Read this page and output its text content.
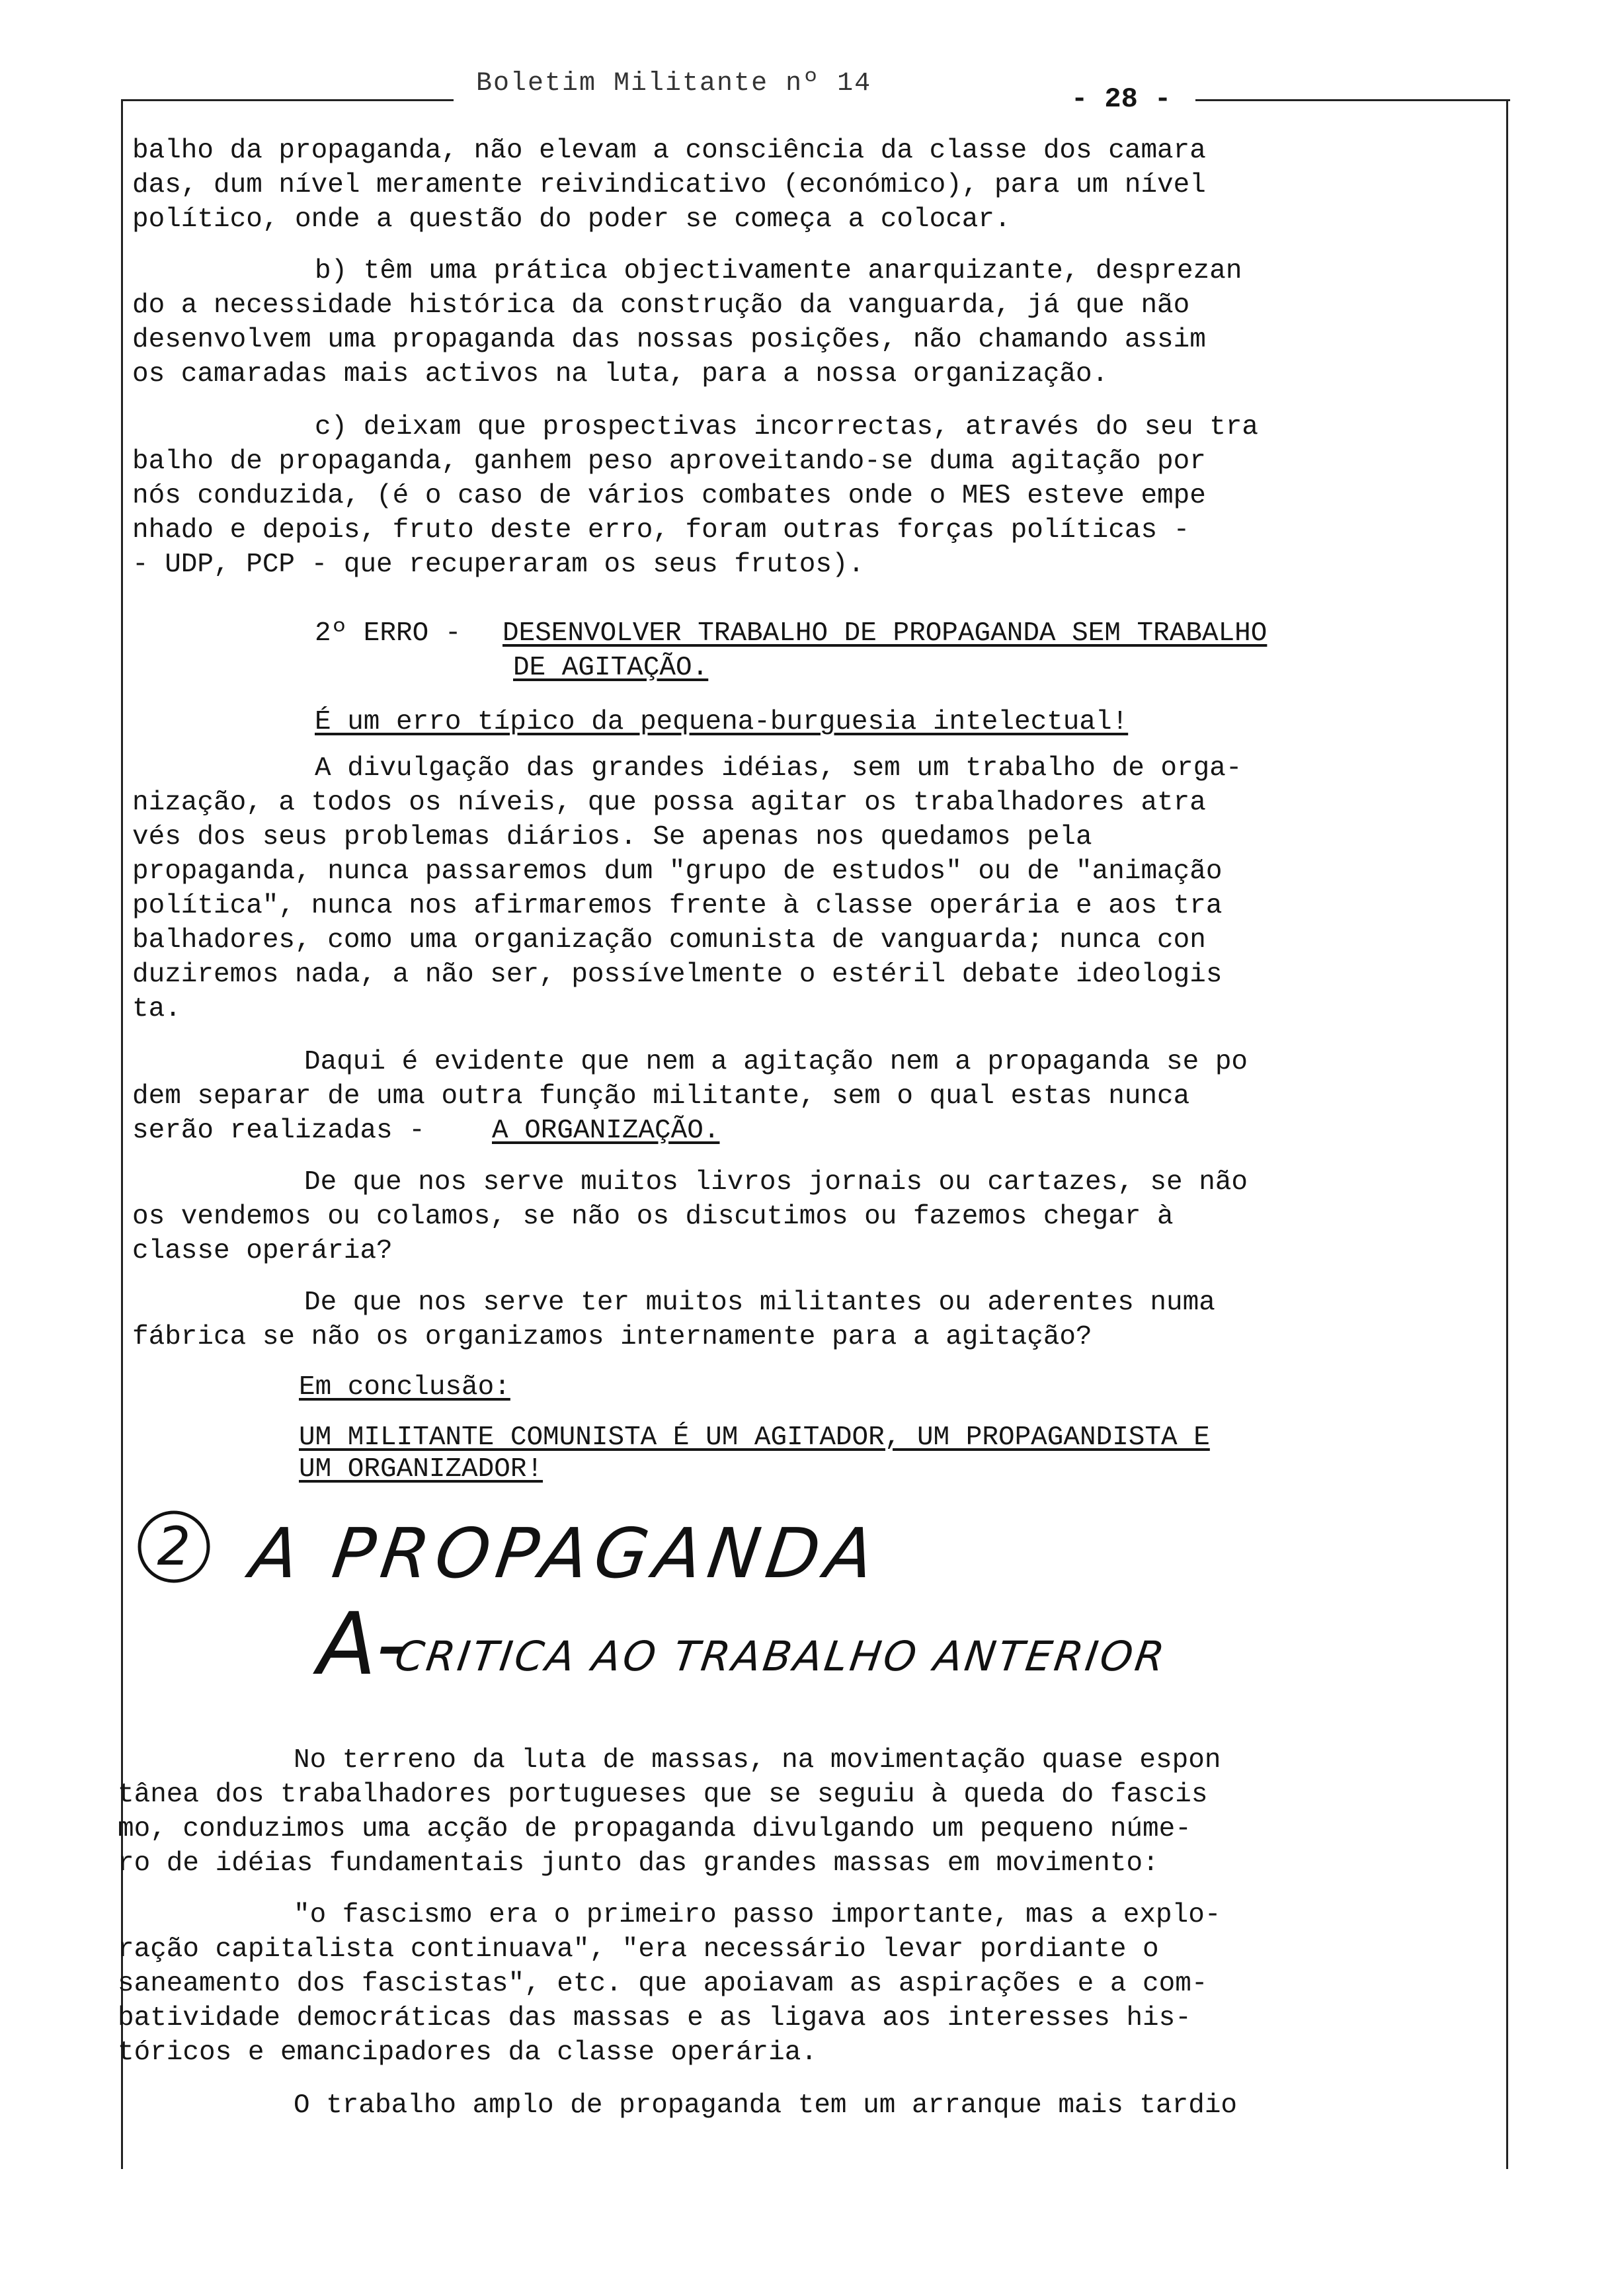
Boletim Militante nº 14	- 28 -
balho da propaganda, não elevam a consciência da classe dos camara
das, dum nível meramente reivindicativo (económico), para um nível
político, onde a questão do poder se começa a colocar.
b) têm uma prática objectivamente anarquizante, desprezan
do a necessidade histórica da construção da vanguarda, já que não
desenvolvem uma propaganda das nossas posições, não chamando assim
os camaradas mais activos na luta, para a nossa organização.
c) deixam que prospectivas incorrectas, através do seu tra
balho de propaganda, ganhem peso aproveitando-se duma agitação por
nós conduzida, (é o caso de vários combates onde o MES esteve empe
nhado e depois, fruto deste erro, foram outras forças políticas -
- UDP, PCP - que recuperaram os seus frutos).
2º ERRO - DESENVOLVER TRABALHO DE PROPAGANDA SEM TRABALHO
DE AGITAÇÃO.
É um erro típico da pequena-burguesia intelectual!
A divulgação das grandes idéias, sem um trabalho de orga-
nização, a todos os níveis, que possa agitar os trabalhadores atra
vés dos seus problemas diários. Se apenas nos quedamos pela
propaganda, nunca passaremos dum "grupo de estudos" ou de "animação
política", nunca nos afirmaremos frente à classe operária e aos tra
balhadores, como uma organização comunista de vanguarda; nunca con
duziremos nada, a não ser, possívelmente o estéril debate ideologis
ta.
Daqui é evidente que nem a agitação nem a propaganda se po
dem separar de uma outra função militante, sem o qual estas nunca
serão realizadas - A ORGANIZAÇÃO.
De que nos serve muitos livros jornais ou cartazes, se não
os vendemos ou colamos, se não os discutimos ou fazemos chegar à
classe operária?
De que nos serve ter muitos militantes ou aderentes numa
fábrica se não os organizamos internamente para a agitação?
Em conclusão:
UM MILITANTE COMUNISTA É UM AGITADOR, UM PROPAGANDISTA E
UM ORGANIZADOR!
2 A PROPAGANDA
A-
CRITICA AO TRABALHO ANTERIOR
No terreno da luta de massas, na movimentação quase espon
tânea dos trabalhadores portugueses que se seguiu à queda do fascis
mo, conduzimos uma acção de propaganda divulgando um pequeno núme-
ro de idéias fundamentais junto das grandes massas em movimento:
"o fascismo era o primeiro passo importante, mas a explo-
ração capitalista continuava", "era necessário levar pordiante o
saneamento dos fascistas", etc. que apoiavam as aspirações e a com-
batividade democráticas das massas e as ligava aos interesses his-
tóricos e emancipadores da classe operária.
O trabalho amplo de propaganda tem um arranque mais tardio
